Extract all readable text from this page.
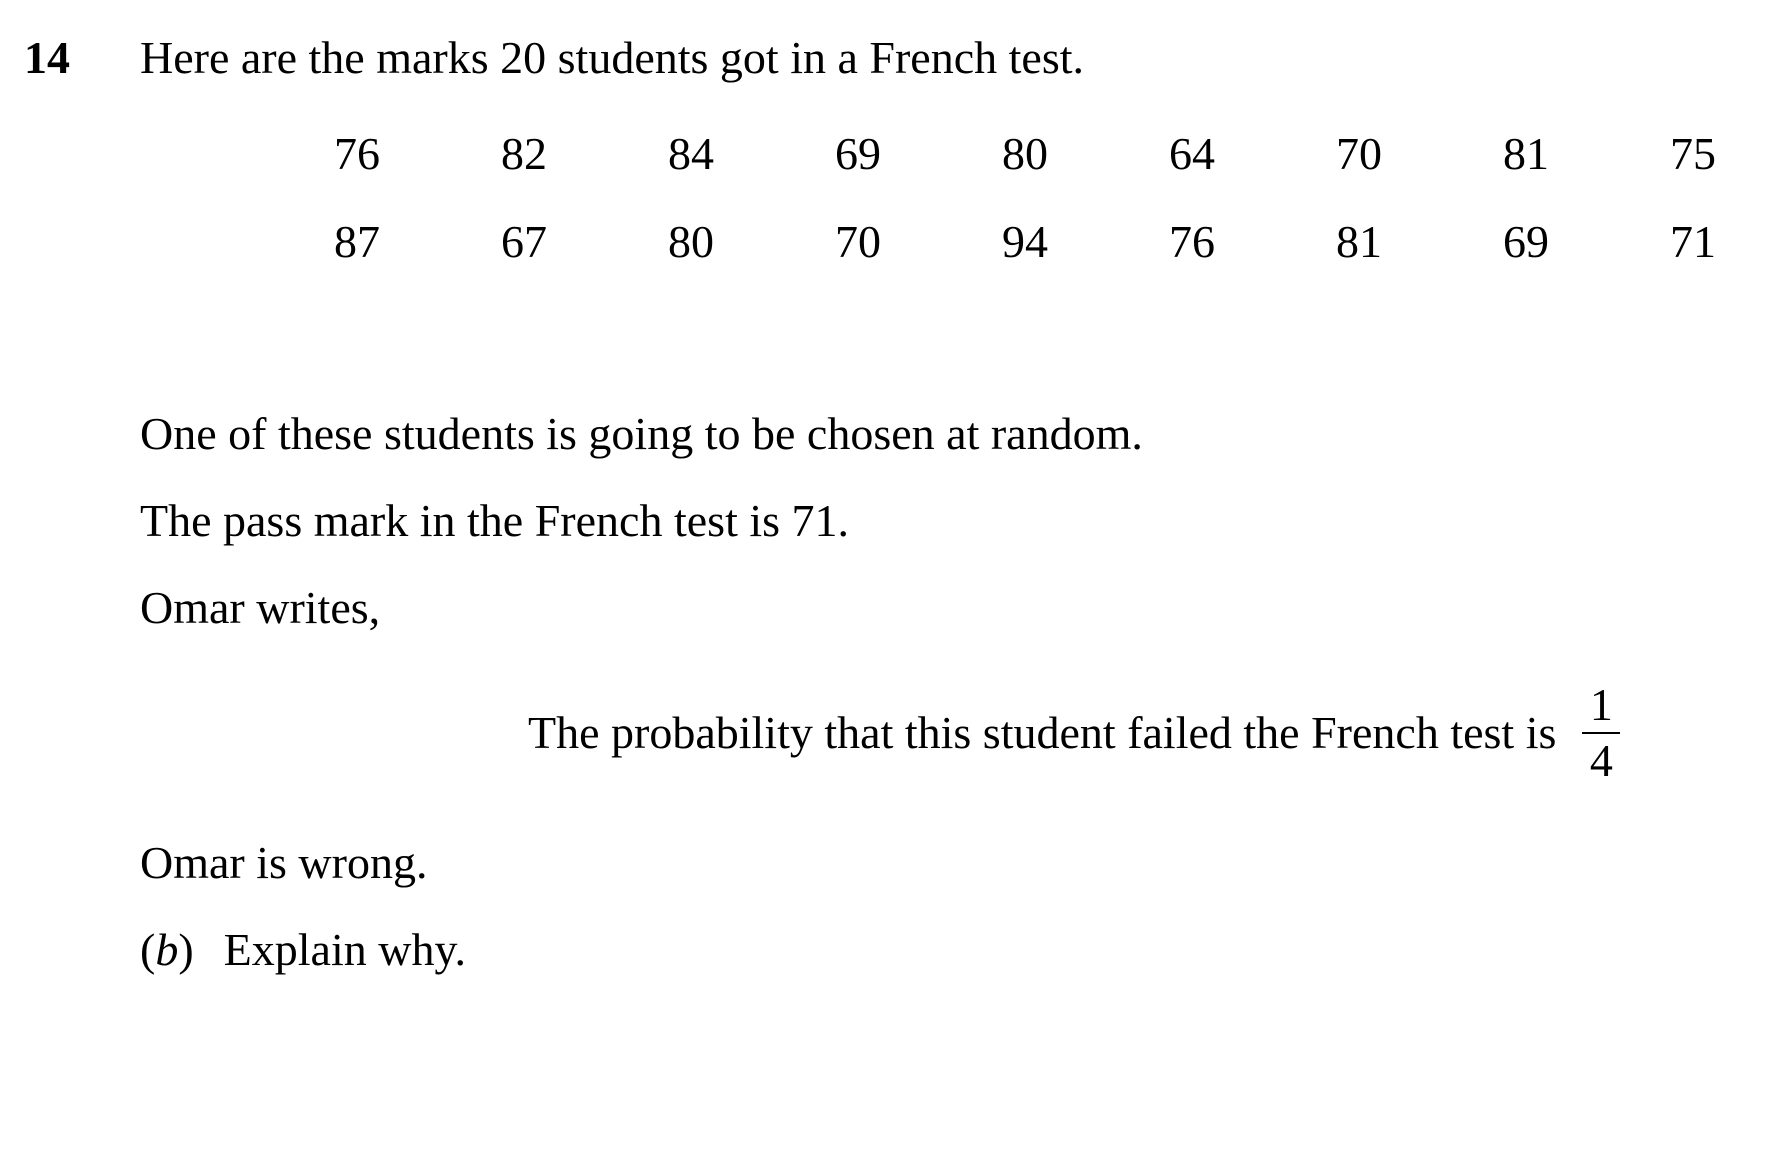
14 Here are the marks 20 students got in a French test.
76	82	84	69	80	64	70	81	75
87	67	80	70	94	76	81	69	71
One of these students is going to be chosen at random.
The pass mark in the French test is 71.
Omar writes,
The probability that this student failed the French test is $\frac{1}{4}$
Omar is wrong.
(b) Explain why.
